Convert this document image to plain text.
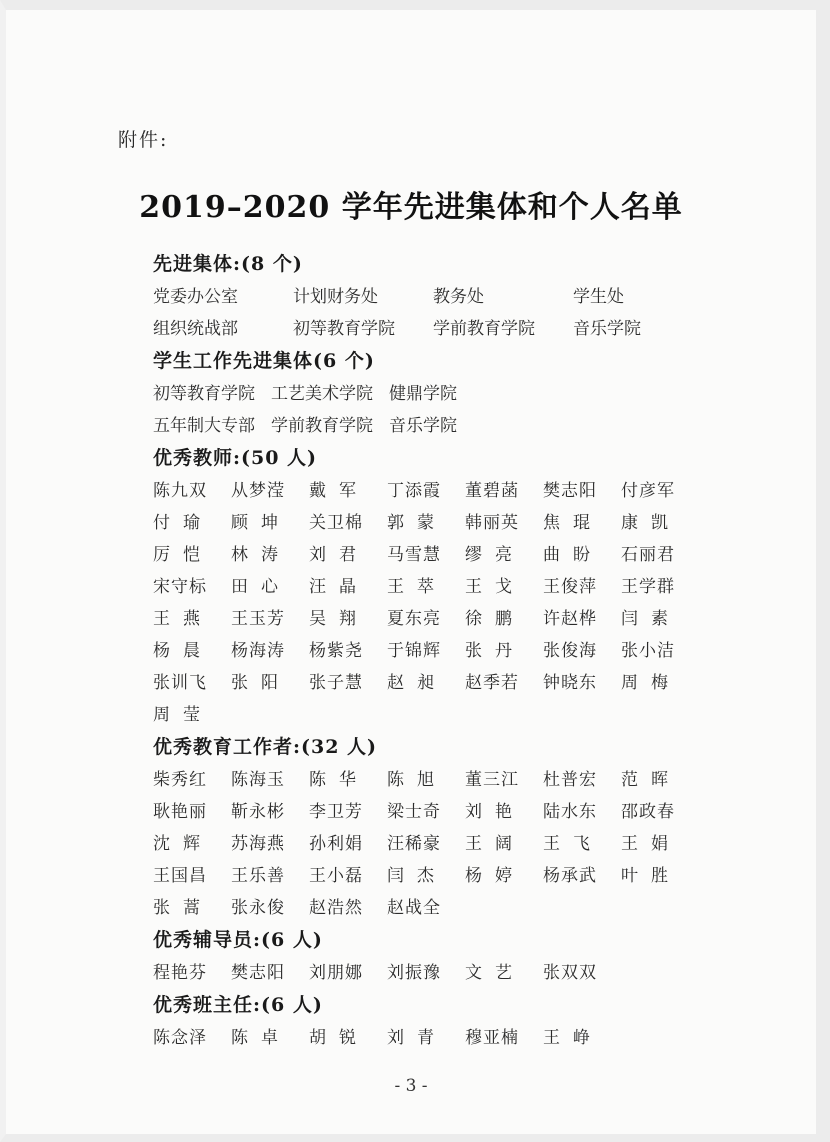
附件:
2019–2020 学年先进集体和个人名单
先进集体:(8 个)
党委办公室	计划财务处	教务处	学生处
组织统战部	初等教育学院	学前教育学院	音乐学院
学生工作先进集体(6 个)
初等教育学院 工艺美术学院 健鼎学院
五年制大专部 学前教育学院 音乐学院
优秀教师:(50 人)
陈九双	从梦滢	戴军	丁添霞	董碧菡	樊志阳	付彦军
付瑜	顾坤	关卫棉	郭蒙	韩丽英	焦琨	康凯
厉恺	林涛	刘君	马雪慧	缪亮	曲盼	石丽君
宋守标	田心	汪晶	王萃	王戈	王俊萍	王学群
王燕	王玉芳	吴翔	夏东亮	徐鹏	许赵桦	闫素
杨晨	杨海涛	杨紫尧	于锦辉	张丹	张俊海	张小洁
张训飞	张阳	张子慧	赵昶	赵季若	钟晓东	周梅
周莹
优秀教育工作者:(32 人)
柴秀红	陈海玉	陈华	陈旭	董三江	杜普宏	范晖
耿艳丽	靳永彬	李卫芳	梁士奇	刘艳	陆水东	邵政春
沈辉	苏海燕	孙利娟	汪稀豪	王阔	王飞	王娟
王国昌	王乐善	王小磊	闫杰	杨婷	杨承武	叶胜
张蒿	张永俊	赵浩然	赵战全
优秀辅导员:(6 人)
程艳芬	樊志阳	刘朋娜	刘振豫	文艺	张双双
优秀班主任:(6 人)
陈念泽	陈卓	胡锐	刘青	穆亚楠	王峥
- 3 -
